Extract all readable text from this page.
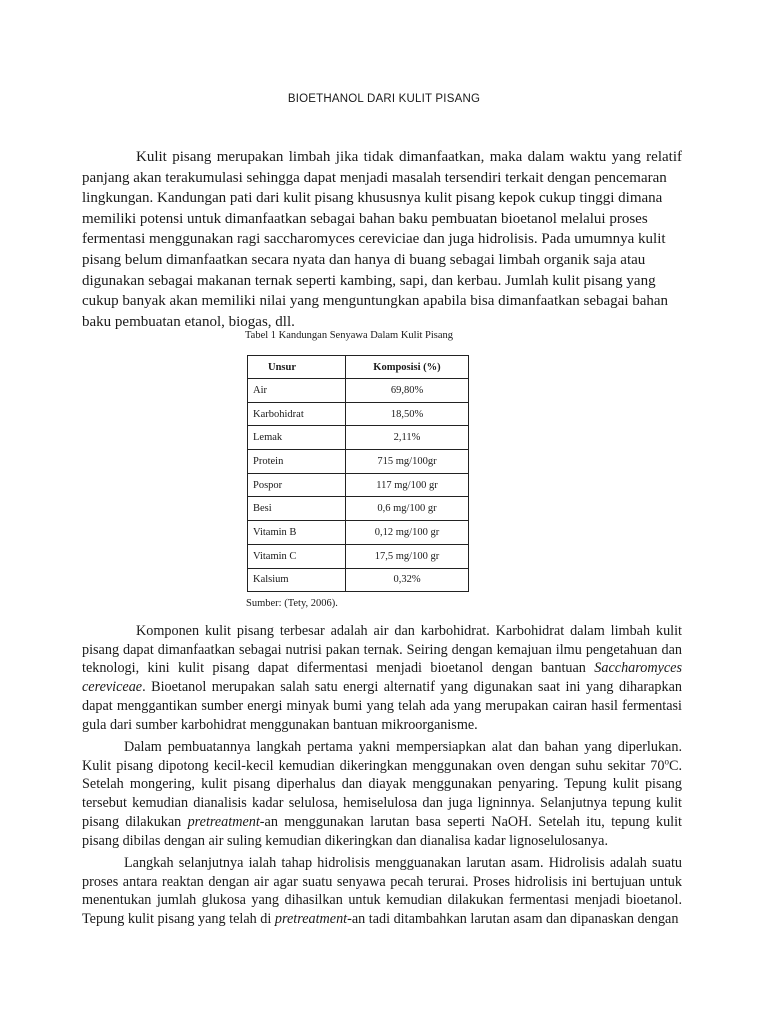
BIOETHANOL DARI KULIT PISANG

Kulit pisang merupakan limbah jika tidak dimanfaatkan, maka dalam waktu yang relatif
panjang akan terakumulasi sehingga dapat menjadi masalah tersendiri terkait dengan pencemaran
lingkungan. Kandungan pati dari kulit pisang khususnya kulit pisang kepok cukup tinggi dimana
memiliki potensi untuk dimanfaatkan sebagai bahan baku pembuatan bioetanol melalui proses
fermentasi menggunakan ragi saccharomyces cereviciae dan juga hidrolisis. Pada umumnya kulit
pisang belum dimanfaatkan secara nyata dan hanya di buang sebagai limbah organik saja atau
digunakan sebagai makanan ternak seperti kambing, sapi, dan kerbau. Jumlah kulit pisang yang
cukup banyak akan memiliki nilai yang menguntungkan apabila bisa dimanfaatkan sebagai bahan
baku pembuatan etanol, biogas, dll.

Tabel 1 Kandungan Senyawa Dalam Kulit Pisang
Unsur	Komposisi (%)
Air	69,80%
Karbohidrat	18,50%
Lemak	2,11%
Protein	715 mg/100gr
Pospor	117 mg/100 gr
Besi	0,6 mg/100 gr
Vitamin B	0,12 mg/100 gr
Vitamin C	17,5 mg/100 gr
Kalsium	0,32%
Sumber: (Tety, 2006).

Komponen kulit pisang terbesar adalah air dan karbohidrat. Karbohidrat dalam limbah kulit pisang dapat dimanfaatkan sebagai nutrisi pakan ternak. Seiring dengan kemajuan ilmu pengetahuan dan teknologi, kini kulit pisang dapat difermentasi menjadi bioetanol dengan bantuan Saccharomyces cereviceae. Bioetanol merupakan salah satu energi alternatif yang digunakan saat ini yang diharapkan dapat menggantikan sumber energi minyak bumi yang telah ada yang merupakan cairan hasil fermentasi gula dari sumber karbohidrat menggunakan bantuan mikroorganisme.

Dalam pembuatannya langkah pertama yakni mempersiapkan alat dan bahan yang diperlukan. Kulit pisang dipotong kecil-kecil kemudian dikeringkan menggunakan oven dengan suhu sekitar 70$^o$C. Setelah mongering, kulit pisang diperhalus dan diayak menggunakan penyaring. Tepung kulit pisang tersebut kemudian dianalisis kadar selulosa, hemiselulosa dan juga ligninnya. Selanjutnya tepung kulit pisang dilakukan pretreatment-an menggunakan larutan basa seperti NaOH. Setelah itu, tepung kulit pisang dibilas dengan air suling kemudian dikeringkan dan dianalisa kadar lignoselulosanya.

Langkah selanjutnya ialah tahap hidrolisis mengguanakan larutan asam. Hidrolisis adalah suatu proses antara reaktan dengan air agar suatu senyawa pecah terurai. Proses hidrolisis ini bertujuan untuk menentukan jumlah glukosa yang dihasilkan untuk kemudian dilakukan fermentasi menjadi bioetanol. Tepung kulit pisang yang telah di pretreatment-an tadi ditambahkan larutan asam dan dipanaskan dengan
